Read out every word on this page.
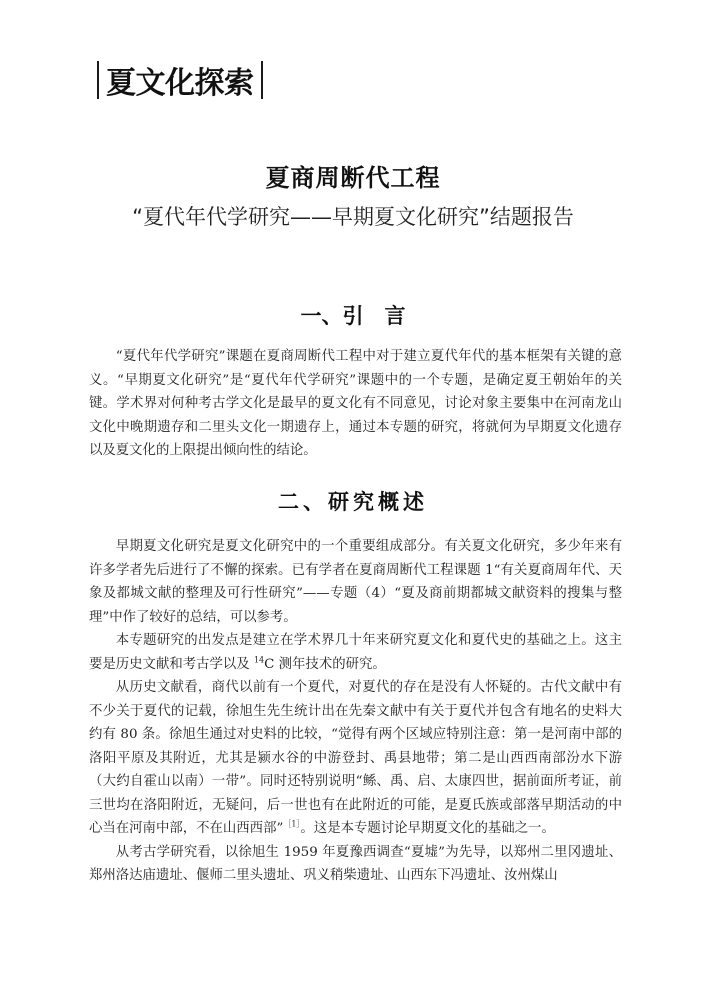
夏文化探索
夏商周断代工程
“夏代年代学研究——早期夏文化研究”结题报告
一、引　言

“夏代年代学研究”课题在夏商周断代工程中对于建立夏代年代的基本框架有关键的意义。“早期夏文化研究”是“夏代年代学研究”课题中的一个专题，是确定夏王朝始年的关键。学术界对何种考古学文化是最早的夏文化有不同意见，讨论对象主要集中在河南龙山文化中晚期遗存和二里头文化一期遗存上，通过本专题的研究，将就何为早期夏文化遗存以及夏文化的上限提出倾向性的结论。

二、研究概述

早期夏文化研究是夏文化研究中的一个重要组成部分。有关夏文化研究，多少年来有许多学者先后进行了不懈的探索。已有学者在夏商周断代工程课题 1“有关夏商周年代、天象及都城文献的整理及可行性研究”——专题（4）“夏及商前期都城文献资料的搜集与整理”中作了较好的总结，可以参考。

本专题研究的出发点是建立在学术界几十年来研究夏文化和夏代史的基础之上。这主要是历史文献和考古学以及 $^{14}$C 测年技术的研究。

从历史文献看，商代以前有一个夏代，对夏代的存在是没有人怀疑的。古代文献中有不少关于夏代的记载，徐旭生先生统计出在先秦文献中有关于夏代并包含有地名的史料大约有 80 条。徐旭生通过对史料的比较，“觉得有两个区域应特别注意：第一是河南中部的洛阳平原及其附近，尤其是颍水谷的中游登封、禹县地带；第二是山西西南部汾水下游（大约自霍山以南）一带”。同时还特别说明“鲧、禹、启、太康四世，据前面所考证，前三世均在洛阳附近，无疑问，后一世也有在此附近的可能，是夏氏族或部落早期活动的中心当在河南中部，不在山西西部”$^{[1]}$。这是本专题讨论早期夏文化的基础之一。

从考古学研究看，以徐旭生 1959 年夏豫西调查“夏墟”为先导，以郑州二里冈遗址、郑州洛达庙遗址、偃师二里头遗址、巩义稍柴遗址、山西东下冯遗址、汝州煤山
